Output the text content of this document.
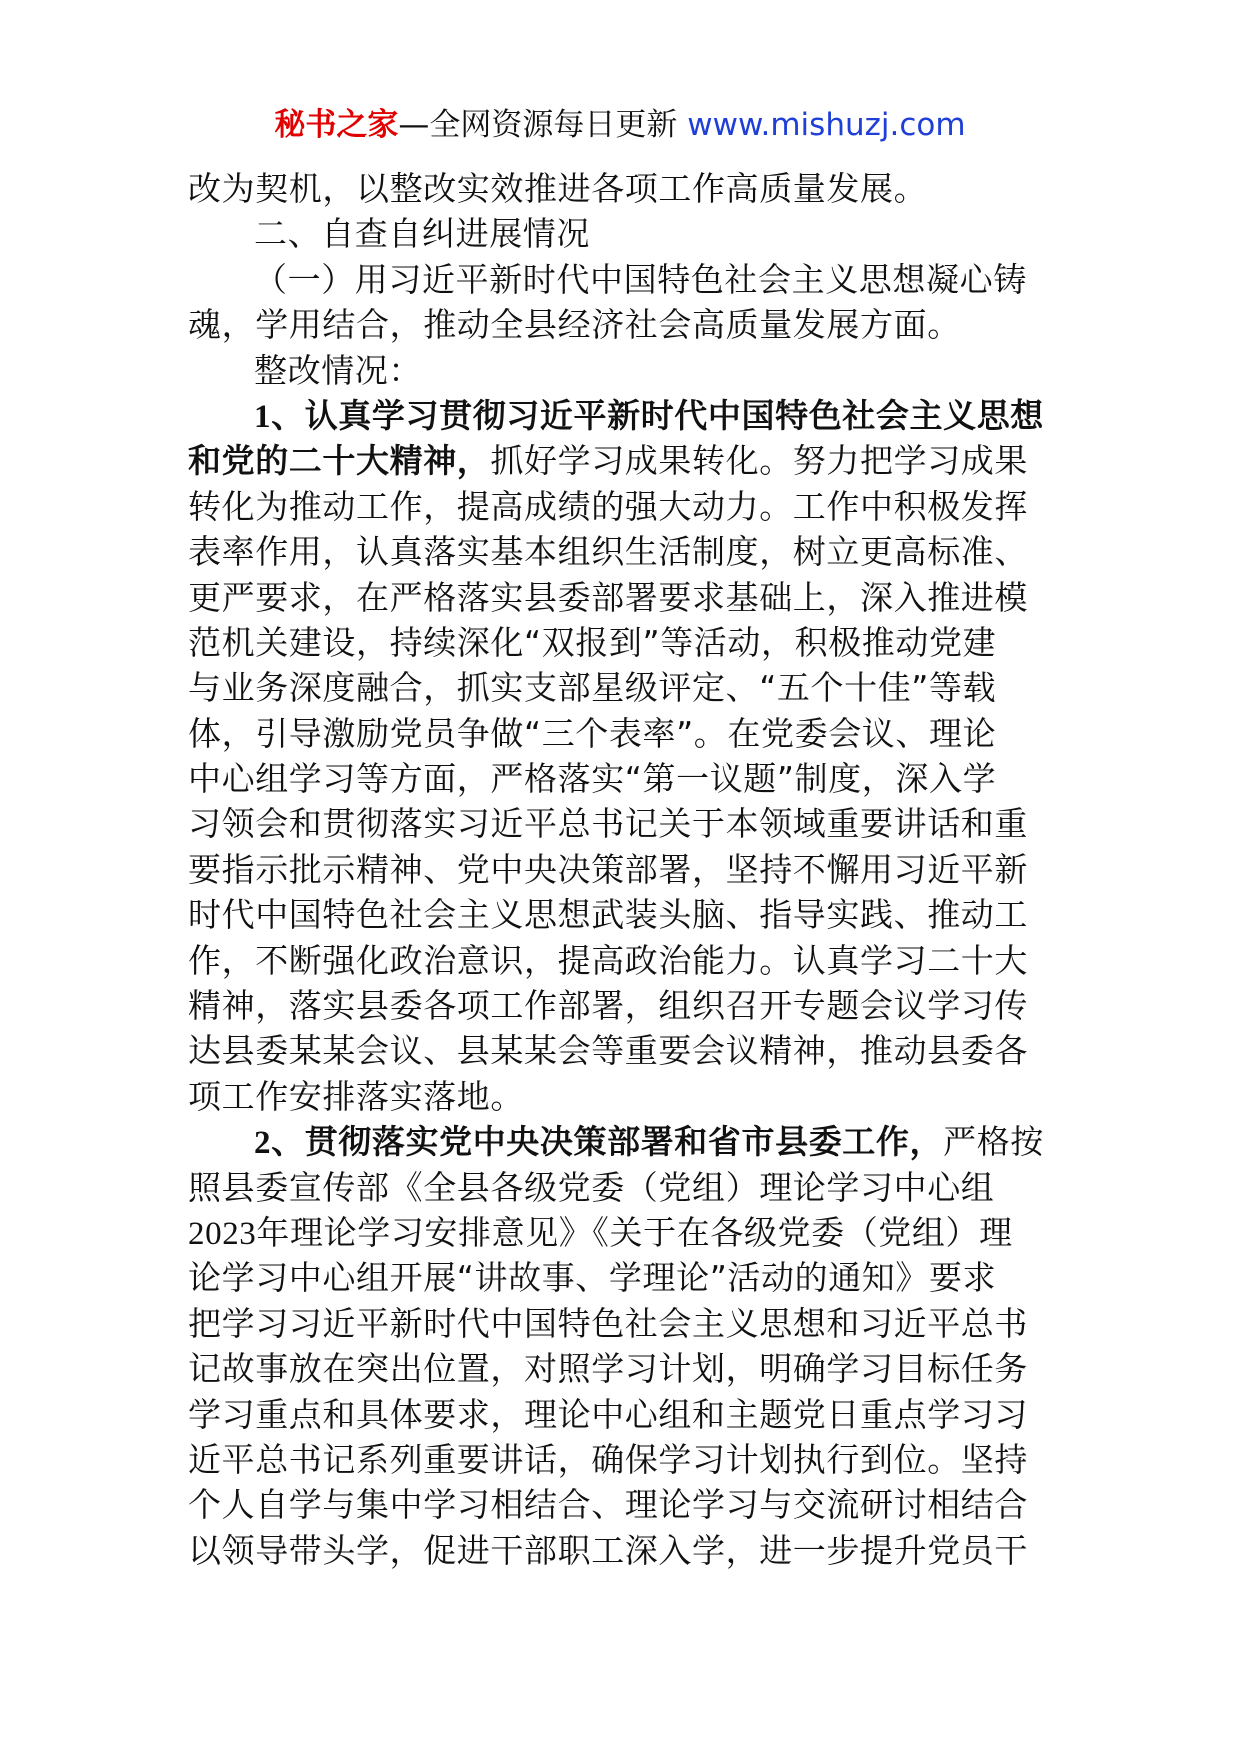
秘书之家—全网资源每日更新 www.mishuzj.com
改为契机，以整改实效推进各项工作高质量发展。
二、自查自纠进展情况
（一）用习近平新时代中国特色社会主义思想凝心铸
魂，学用结合，推动全县经济社会高质量发展方面。
整改情况：
1、认真学习贯彻习近平新时代中国特色社会主义思想
和党的二十大精神，抓好学习成果转化。努力把学习成果
转化为推动工作，提高成绩的强大动力。工作中积极发挥
表率作用，认真落实基本组织生活制度，树立更高标准、
更严要求，在严格落实县委部署要求基础上，深入推进模
范机关建设，持续深化“双报到”等活动，积极推动党建
与业务深度融合，抓实支部星级评定、“五个十佳”等载
体，引导激励党员争做“三个表率”。在党委会议、理论
中心组学习等方面，严格落实“第一议题”制度，深入学
习领会和贯彻落实习近平总书记关于本领域重要讲话和重
要指示批示精神、党中央决策部署，坚持不懈用习近平新
时代中国特色社会主义思想武装头脑、指导实践、推动工
作，不断强化政治意识，提高政治能力。认真学习二十大
精神，落实县委各项工作部署，组织召开专题会议学习传
达县委某某会议、县某某会等重要会议精神，推动县委各
项工作安排落实落地。
2、贯彻落实党中央决策部署和省市县委工作，严格按
照县委宣传部《全县各级党委（党组）理论学习中心组
2023年理论学习安排意见》《关于在各级党委（党组）理
论学习中心组开展“讲故事、学理论”活动的通知》要求
把学习习近平新时代中国特色社会主义思想和习近平总书
记故事放在突出位置，对照学习计划，明确学习目标任务
学习重点和具体要求，理论中心组和主题党日重点学习习
近平总书记系列重要讲话，确保学习计划执行到位。坚持
个人自学与集中学习相结合、理论学习与交流研讨相结合
以领导带头学，促进干部职工深入学，进一步提升党员干
